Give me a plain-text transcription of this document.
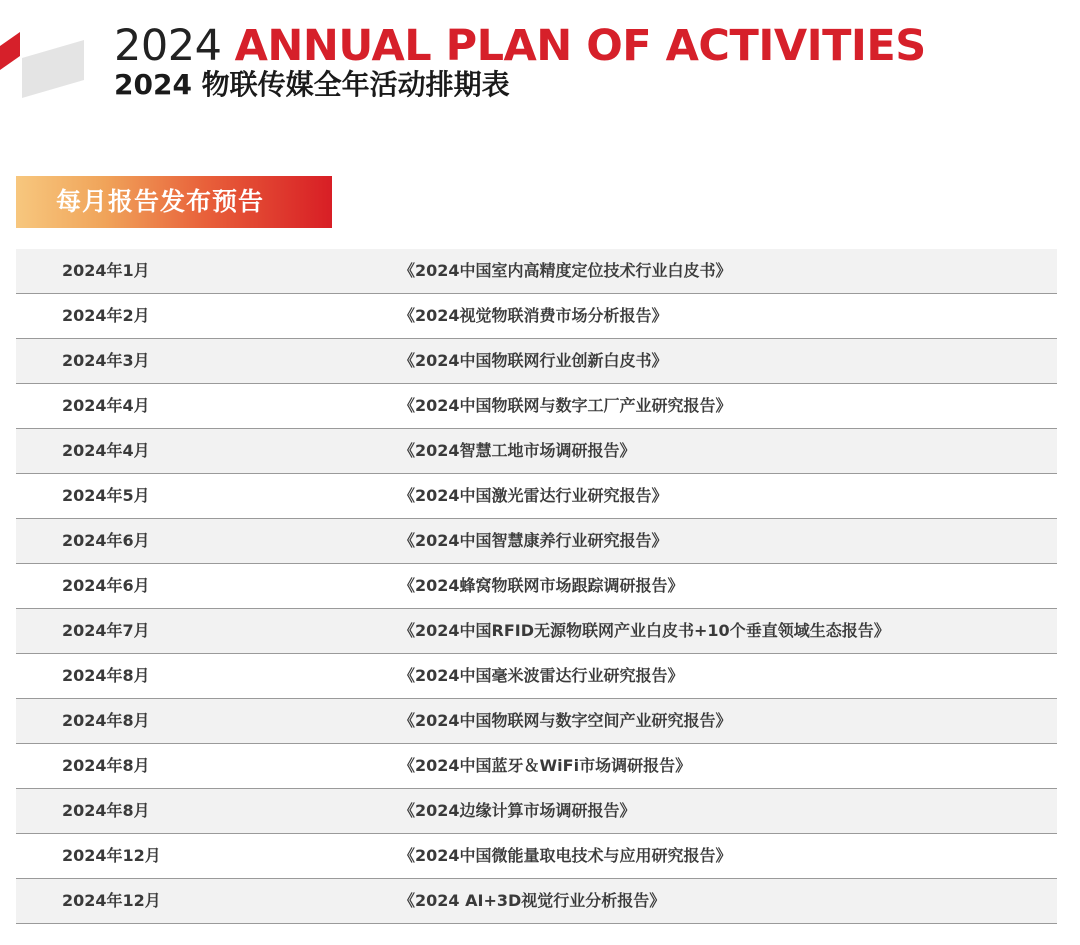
2024 ANNUAL PLAN OF ACTIVITIES
2024 物联传媒全年活动排期表
每月报告发布预告
2024年1月	《2024中国室内高精度定位技术行业白皮书》
2024年2月	《2024视觉物联消费市场分析报告》
2024年3月	《2024中国物联网行业创新白皮书》
2024年4月	《2024中国物联网与数字工厂产业研究报告》
2024年4月	《2024智慧工地市场调研报告》
2024年5月	《2024中国激光雷达行业研究报告》
2024年6月	《2024中国智慧康养行业研究报告》
2024年6月	《2024蜂窝物联网市场跟踪调研报告》
2024年7月	《2024中国RFID无源物联网产业白皮书+10个垂直领域生态报告》
2024年8月	《2024中国毫米波雷达行业研究报告》
2024年8月	《2024中国物联网与数字空间产业研究报告》
2024年8月	《2024中国蓝牙＆WiFi市场调研报告》
2024年8月	《2024边缘计算市场调研报告》
2024年12月	《2024中国微能量取电技术与应用研究报告》
2024年12月	《2024 AI+3D视觉行业分析报告》
